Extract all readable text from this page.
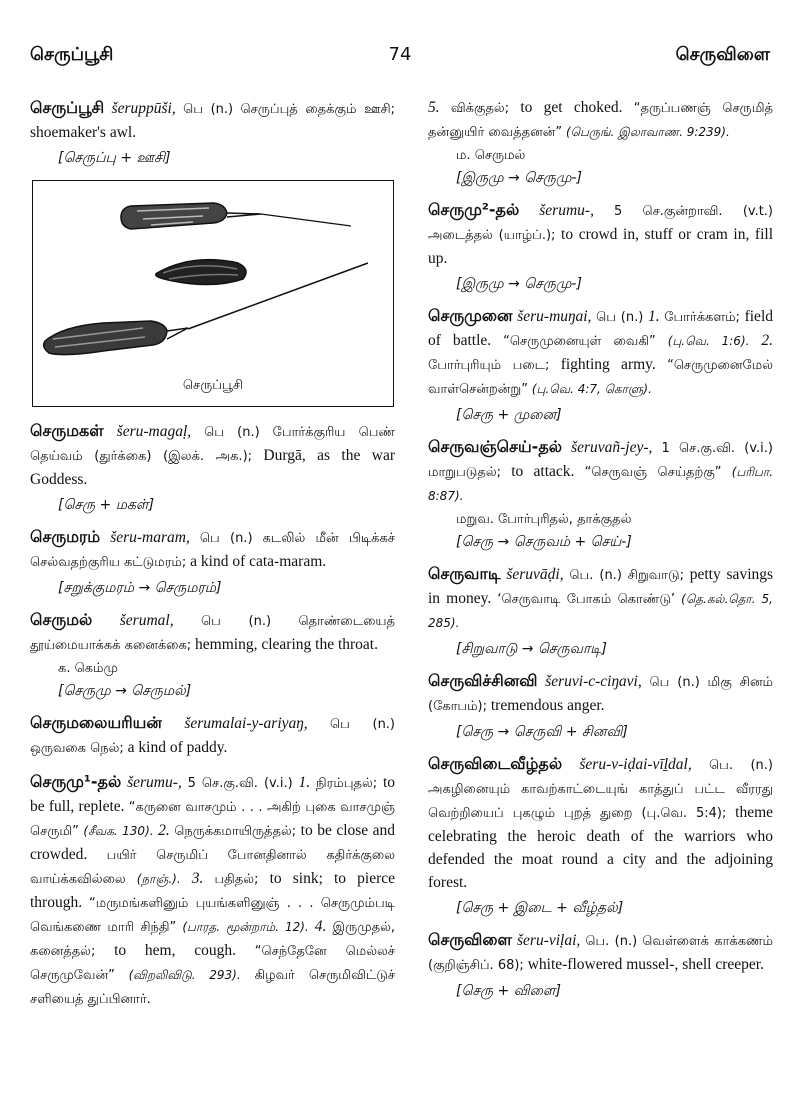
செருப்பூசி	74	செருவிளை

செருப்பூசி šeruppūši, பெ (n.) செருப்புத் தைக்கும் ஊசி; shoemaker's awl.

[செருப்பு + ஊசி]
செருப்பூசி

செருமகள் šeru-magaḷ, பெ (n.) போர்க்குரிய பெண் தெய்வம் (துர்க்கை) (இலக். அக.); Durgā, as the war Goddess.

[செரு + மகள்]

செருமரம் šeru-maram, பெ (n.) கடலில் மீன் பிடிக்கச் செல்வதற்குரிய கட்டுமரம்; a kind of cata-maram.

[சறுக்குமரம் → செருமரம்]

செருமல் šerumal, பெ (n.) தொண்டையைத் தூய்மையாக்கக் கனைக்கை; hemming, clearing the throat.

க. கெம்மு
[செருமு → செருமல்]

செருமலையரியன் šerumalai-y-ariyaŋ, பெ (n.) ஒருவகை நெல்; a kind of paddy.

செருமு¹-தல் šerumu-, 5 செ.கு.வி. (v.i.) 1. நிரம்புதல்; to be full, replete. “கருனை வாசமும் . . . அகிற் புகை வாசமுஞ் செருமி” (சீவக. 130). 2. நெருக்கமாயிருத்தல்; to be close and crowded. பயிர் செருமிப் போனதினால் கதிர்க்குலை வாய்க்கவில்லை (நாஞ்.). 3. பதிதல்; to sink; to pierce through. “மருமங்களினும் புயங்களினுஞ் . . . செருமும்படி வெங்கணை மாரி சிந்தி” (பாரத. மூன்றாம். 12). 4. இருமுதல், கனைத்தல்; to hem, cough. “செந்தேனே மெல்லச் செருமுவேன்” (விறலிவிடு. 293). கிழவர் செருமிவிட்டுச் சளியைத் துப்பினார்.

5. விக்குதல்; to get choked. “தருப்பணஞ் செருமித் தன்னுயிர் வைத்தனன்” (பெருங். இலாவாண. 9:239).

ம. செருமல்
[இருமு → செருமு-]

செருமு²-தல் šerumu-, 5 செ.குன்றாவி. (v.t.) அடைத்தல் (யாழ்ப்.); to crowd in, stuff or cram in, fill up.

[இருமு → செருமு-]

செருமுனை šeru-muŋai, பெ (n.) 1. போர்க்களம்; field of battle. “செருமுனையுள் வைகி” (பு.வெ. 1:6). 2. போர்புரியும் படை; fighting army. “செருமுனைமேல் வாள்சென்றன்று” (பு.வெ. 4:7, கொளு).

[செரு + முனை]

செருவஞ்செய்-தல் šeruvañ-jey-, 1 செ.கு.வி. (v.i.) மாறுபடுதல்; to attack. “செருவஞ் செய்தற்கு” (பரிபா. 8:87).

மறுவ. போர்புரிதல், தாக்குதல்
[செரு → செருவம் + செய்-]

செருவாடி šeruvāḍi, பெ. (n.) சிறுவாடு; petty savings in money. ‘செருவாடி போகம் கொண்டு’ (தெ.கல்.தொ. 5, 285).

[சிறுவாடு → செருவாடி]

செருவிச்சினவி šeruvi-c-ciŋavi, பெ (n.) மிகு சினம் (கோபம்); tremendous anger.

[செரு → செருவி + சினவி]

செருவிடைவீழ்தல் šeru-v-iḍai-vīḻdal, பெ. (n.) அகழினையும் காவற்காட்டையுங் காத்துப் பட்ட வீரரது வெற்றியைப் புகழும் புறத் துறை (பு.வெ. 5:4); theme celebrating the heroic death of the warriors who defended the moat round a city and the adjoining forest.

[செரு + இடை + வீழ்தல்]

செருவிளை šeru-viḷai, பெ. (n.) வெள்ளைக் காக்கணம் (குறிஞ்சிப். 68); white-flowered mussel-, shell creeper.

[செரு + விளை]
